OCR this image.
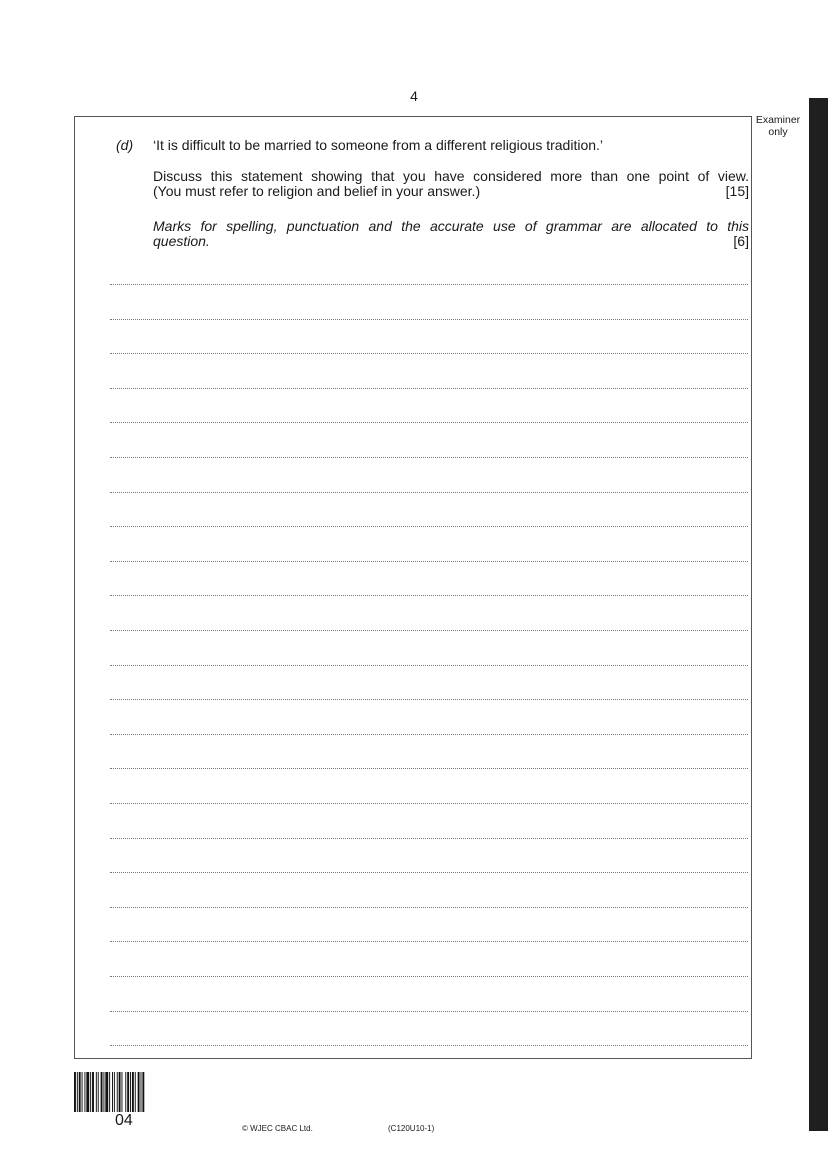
4
Examiner
only
(d) ‘It is difficult to be married to someone from a different religious tradition.’
Discuss this statement showing that you have considered more than one point of view.
(You must refer to religion and belief in your answer.)	[15]
Marks for spelling, punctuation and the accurate use of grammar are allocated to this
question.	[6]
04	© WJEC CBAC Ltd.	(C120U10-1)
